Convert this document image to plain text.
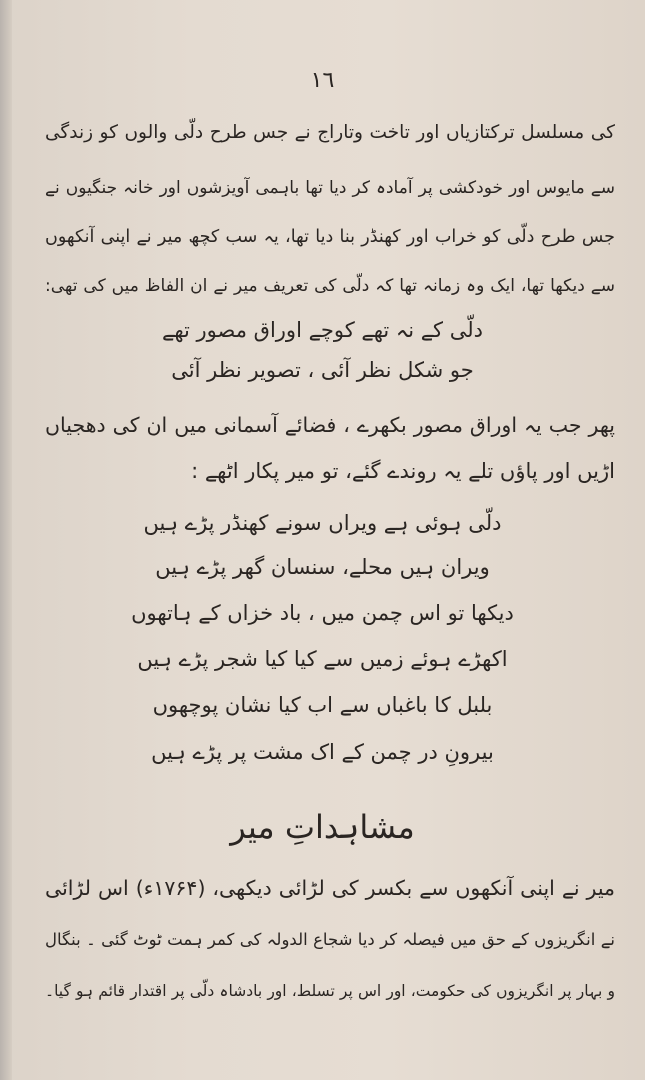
١٦
کی مسلسل ترکتازیاں اور تاخت وتاراج نے جس طرح دلّی والوں کو زندگی
سے مایوس اور خودکشی پر آمادہ کر دیا تھا باہمی آویزشوں اور خانہ جنگیوں نے
جس طرح دلّی کو خراب اور کھنڈر بنا دیا تھا، یہ سب کچھ میر نے اپنی آنکھوں
سے دیکھا تھا، ایک وہ زمانہ تھا کہ دلّی کی تعریف میر نے ان الفاظ میں کی تھی:
دلّی کے نہ تھے کوچے اوراق مصور تھے
جو شکل نظر آئی ، تصویر نظر آئی
پھر جب یہ اوراق مصور بکھرے ، فضائے آسمانی میں ان کی دھجیاں
اڑیں اور پاؤں تلے یہ روندے گئے، تو میر پکار اٹھے :
دلّی ہوئی ہے ویراں سونے کھنڈر پڑے ہیں
ویران ہیں محلے، سنسان گھر پڑے ہیں
دیکھا تو اس چمن میں ، باد خزاں کے ہاتھوں
اکھڑے ہوئے زمیں سے کیا کیا شجر پڑے ہیں
بلبل کا باغباں سے اب کیا نشان پوچھوں
بیرونِ در چمن کے اک مشت پر پڑے ہیں
مشاہداتِ میر
میر نے اپنی آنکھوں سے بکسر کی لڑائی دیکھی، (۱۷۶۴ء) اس لڑائی
نے انگریزوں کے حق میں فیصلہ کر دیا شجاع الدولہ کی کمر ہمت ٹوٹ گئی ۔ بنگال
و بہار پر انگریزوں کی حکومت، اور اس پر تسلط، اور بادشاہ دلّی پر اقتدار قائم ہو گیا۔
